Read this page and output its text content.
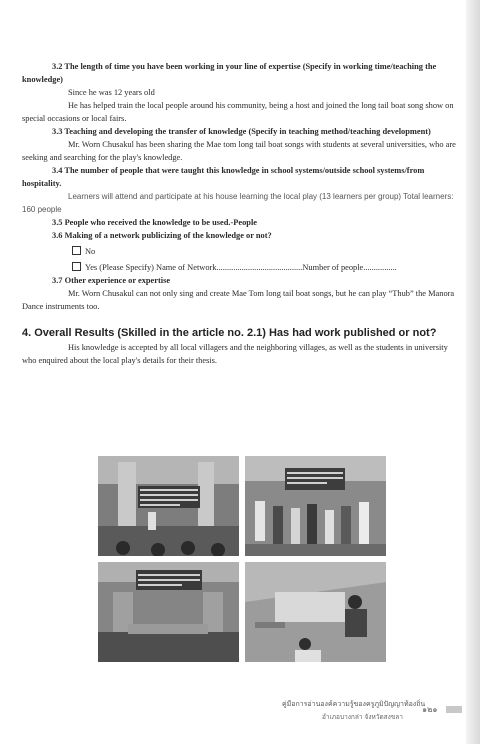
3.2 The length of time you have been working in your line of expertise (Specify in working time/teaching the knowledge)

Since he was 12 years old

He has helped train the local people around his community, being a host and joined the long tail boat song show on special occasions or local fairs.

3.3 Teaching and developing the transfer of knowledge (Specify in teaching method/teaching development)

Mr. Worn Chusakul has been sharing the Mae tom long tail boat songs with students at several universities, who are seeking and searching for the play's knowledge.

3.4 The number of people that were taught this knowledge in school systems/outside school systems/from hospitality.

Learners will attend and participate at his house learning the local play (13 learners per group) Total learners: 160 people

3.5 People who received the knowledge to be used.-People

3.6 Making of a network publicizing of the knowledge or not?

No

Yes (Please Specify) Name of Network.........................................Number of people................

3.7 Other experience or expertise

Mr. Worn Chusakul can not only sing and create Mae Tom long tail boat songs, but he can play “Thub” the Manora Dance instruments too.

4. Overall Results (Skilled in the article no. 2.1) Has had work published or not?

His knowledge is accepted by all local villagers and the neighboring villages, as well as the students in university who enquired about the local play's details for their thesis.

คู่มือการอ่านองค์ความรู้ของครูภูมิปัญญาท้องถิ่น
อำเภอบางกล่า จังหวัดสงขลา
๑๒๑
